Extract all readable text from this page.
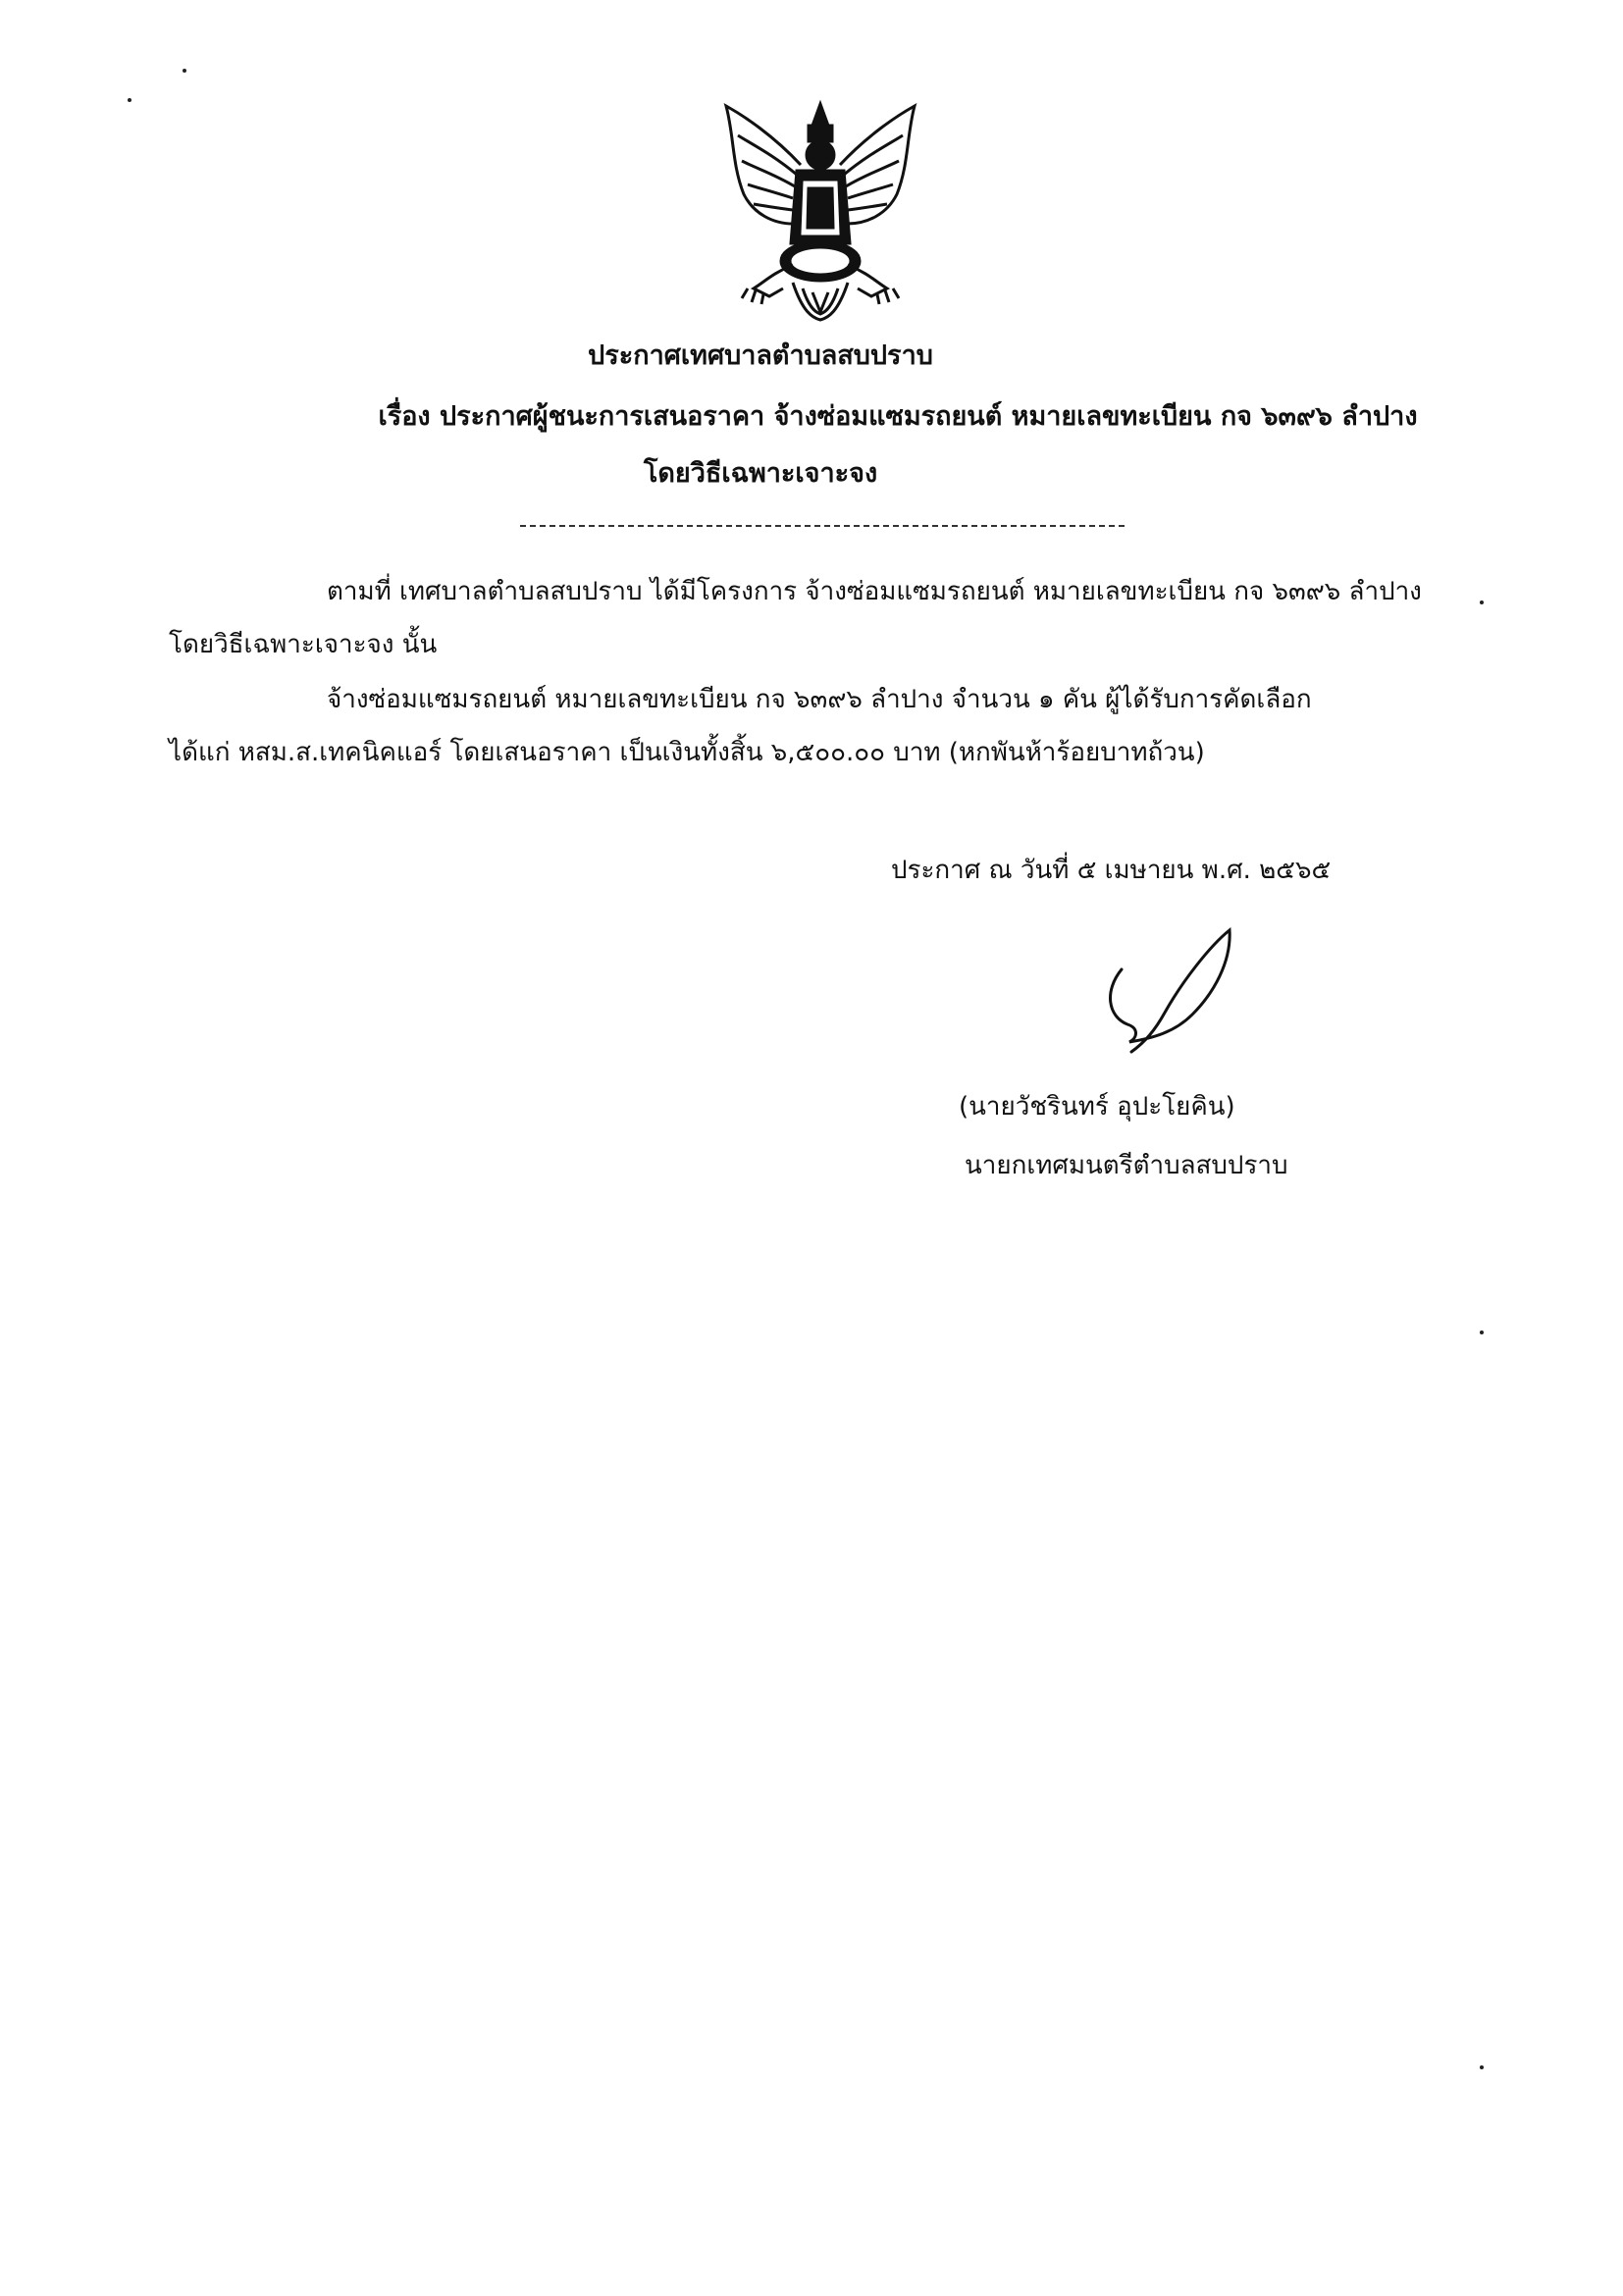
ประกาศเทศบาลตำบลสบปราบ
เรื่อง ประกาศผู้ชนะการเสนอราคา จ้างซ่อมแซมรถยนต์ หมายเลขทะเบียน กจ ๖๓๙๖ ลำปาง
โดยวิธีเฉพาะเจาะจง
ตามที่ เทศบาลตำบลสบปราบ ได้มีโครงการ จ้างซ่อมแซมรถยนต์ หมายเลขทะเบียน กจ ๖๓๙๖ ลำปาง
โดยวิธีเฉพาะเจาะจง นั้น
จ้างซ่อมแซมรถยนต์ หมายเลขทะเบียน กจ ๖๓๙๖ ลำปาง จำนวน ๑ คัน ผู้ได้รับการคัดเลือก
ได้แก่ หสม.ส.เทคนิคแอร์ โดยเสนอราคา เป็นเงินทั้งสิ้น ๖,๕๐๐.๐๐ บาท (หกพันห้าร้อยบาทถ้วน)
ประกาศ ณ วันที่ ๕ เมษายน พ.ศ. ๒๕๖๕
(นายวัชรินทร์ อุปะโยคิน)
นายกเทศมนตรีตำบลสบปราบ
